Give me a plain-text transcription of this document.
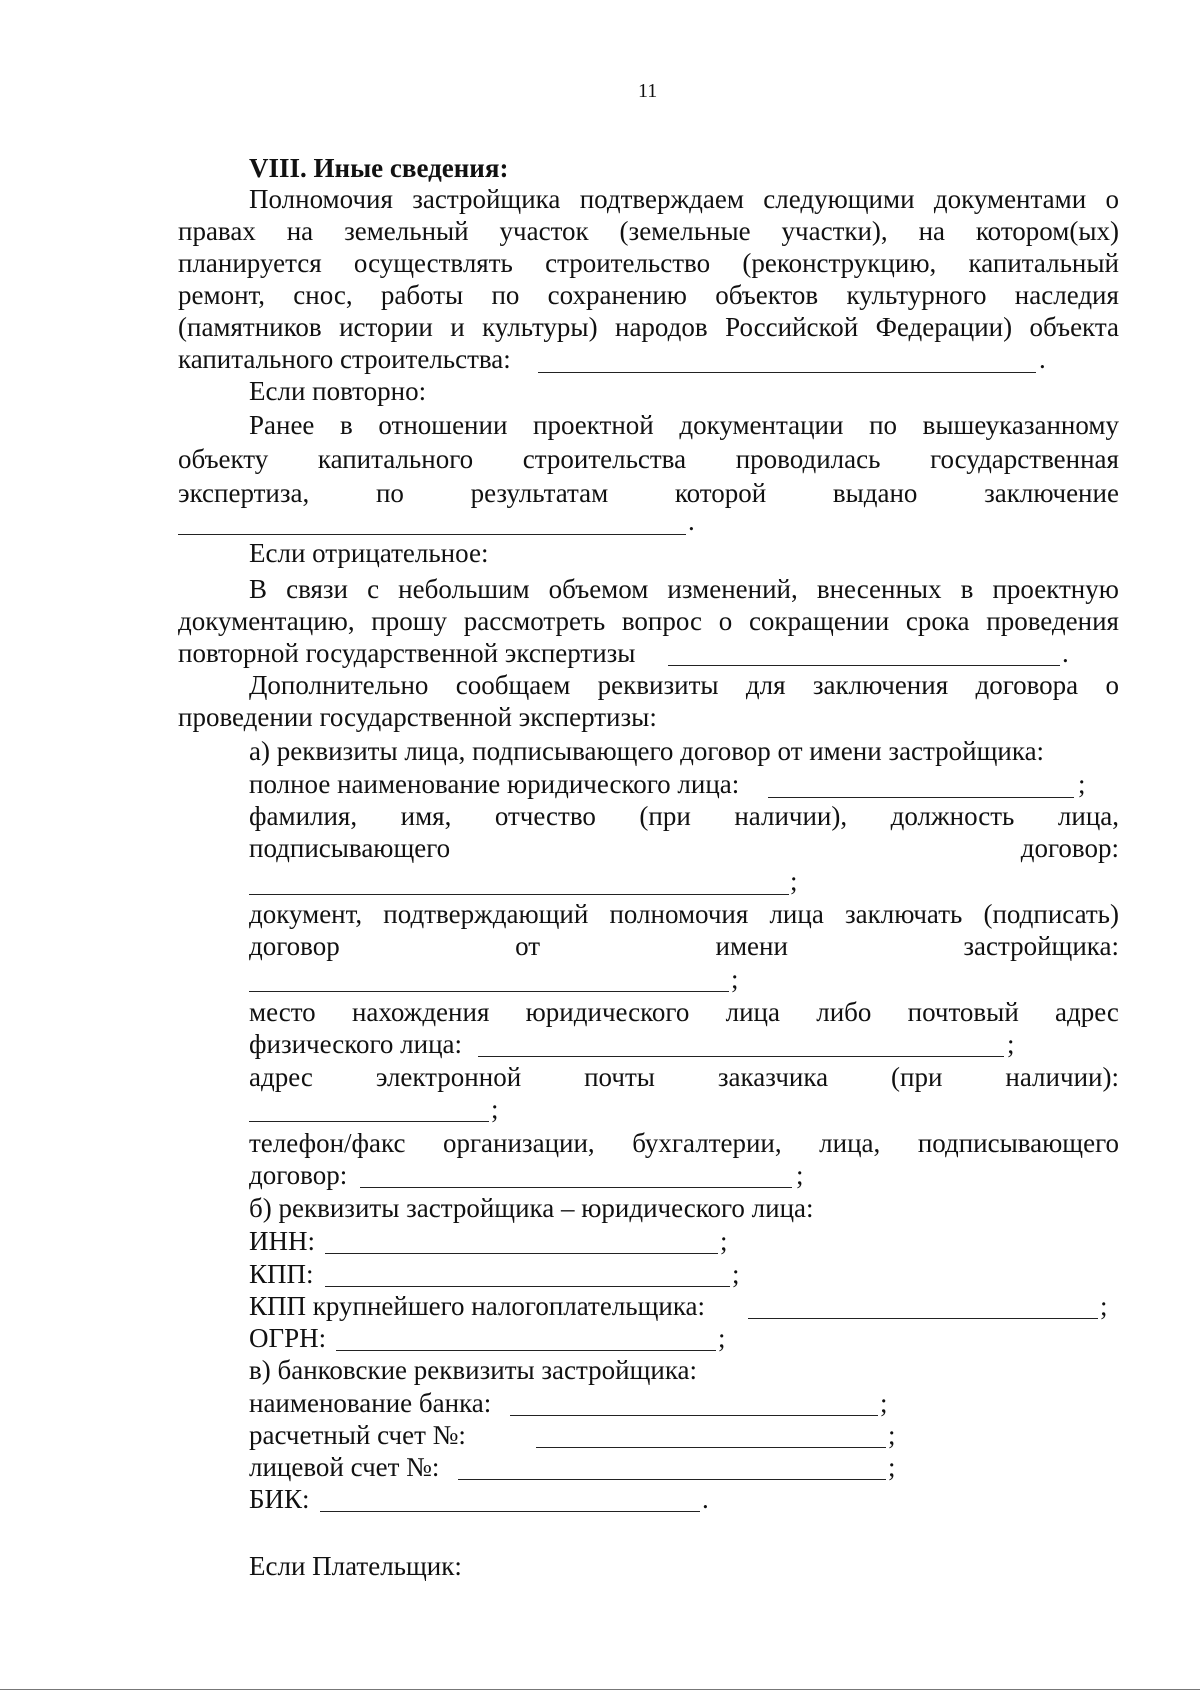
11
VIII. Иные сведения:
Полномочия застройщика подтверждаем следующими документами о
правах на земельный участок (земельные участки), на котором(ых)
планируется осуществлять строительство (реконструкцию, капитальный
ремонт, снос, работы по сохранению объектов культурного наследия
(памятников истории и культуры) народов Российской Федерации) объекта
капитального строительства:	.
Если повторно:
Ранее в отношении проектной документации по вышеуказанному
объекту капитального строительства проводилась государственная
экспертиза, по результатам которой выдано заключение
.
Если отрицательное:
В связи с небольшим объемом изменений, внесенных в проектную
документацию, прошу рассмотреть вопрос о сокращении срока проведения
повторной государственной экспертизы	.
Дополнительно сообщаем реквизиты для заключения договора о
проведении государственной экспертизы:
а) реквизиты лица, подписывающего договор от имени застройщика:
полное наименование юридического лица:	;
фамилия, имя, отчество (при наличии), должность лица,
подписывающего	договор:
;
документ, подтверждающий полномочия лица заключать (подписать)
договор	от	имени	застройщика:
;
место нахождения юридического лица либо почтовый адрес
физического лица:	;
адрес электронной почты заказчика (при наличии):
;
телефон/факс организации, бухгалтерии, лица, подписывающего
договор:	;
б) реквизиты застройщика – юридического лица:
ИНН:	;
КПП:	;
КПП крупнейшего налогоплательщика:	;
ОГРН:	;
в) банковские реквизиты застройщика:
наименование банка:	;
расчетный счет №:	;
лицевой счет №:	;
БИК:	.
Если Плательщик:
